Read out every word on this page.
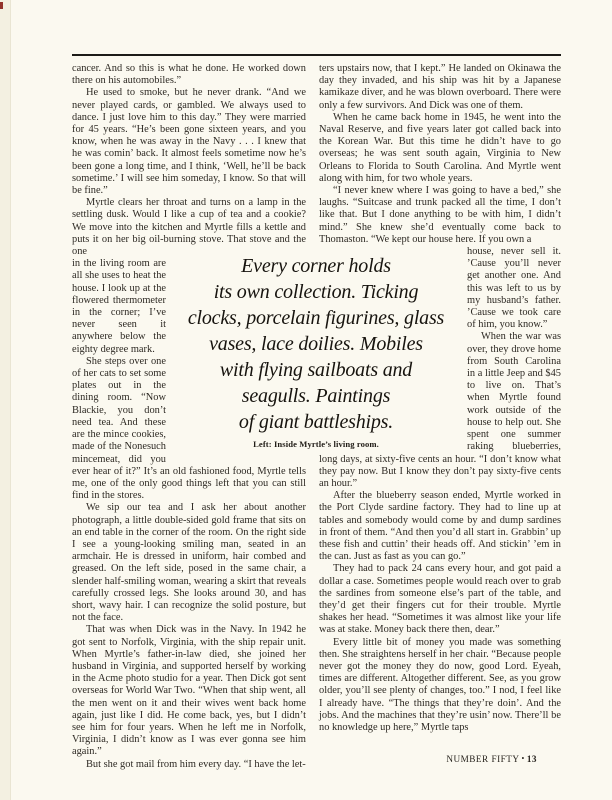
cancer. And so this is what he done. He worked down there on his automobiles.”

He used to smoke, but he never drank. “And we never played cards, or gambled. We always used to dance. I just love him to this day.” They were married for 45 years. “He’s been gone sixteen years, and you know, when he was away in the Navy . . . I knew that he was comin’ back. It almost feels sometime now he’s been gone a long time, and I think, ‘Well, he’ll be back sometime.’ I will see him someday, I know. So that will be fine.”

Myrtle clears her throat and turns on a lamp in the settling dusk. Would I like a cup of tea and a cookie? We move into the kitchen and Myrtle fills a kettle and puts it on her big oil-burning stove. That stove and the one

in the living room are all she uses to heat the house. I look up at the flowered thermometer in the corner; I’ve never seen it anywhere below the eighty degree mark.

She steps over one of her cats to set some plates out in the dining room. “Now Blackie, you don’t need tea. And these are the mince cookies, made of the Nonesuch mincemeat, did you ever hear of it?” It’s an old fashioned food, Myrtle tells me, one of the only good things left that you can still find in the stores.

We sip our tea and I ask her about another photograph, a little double-sided gold frame that sits on an end table in the corner of the room. On the right side I see a young-looking smiling man, seated in an armchair. He is dressed in uniform, hair combed and greased. On the left side, posed in the same chair, a slender half-smiling woman, wearing a skirt that reveals carefully crossed legs. She looks around 30, and has short, wavy hair. I can recognize the solid posture, but not the face.

That was when Dick was in the Navy. In 1942 he got sent to Norfolk, Virginia, with the ship repair unit. When Myrtle’s father-in-law died, she joined her husband in Virginia, and supported herself by working in the Acme photo studio for a year. Then Dick got sent overseas for World War Two. “When that ship went, all the men went on it and their wives went back home again, just like I did. He come back, yes, but I didn’t see him for four years. When he left me in Norfolk, Virginia, I didn’t know as I was ever gonna see him again.”

But she got mail from him every day. “I have the let-

ters upstairs now, that I kept.” He landed on Okinawa the day they invaded, and his ship was hit by a Japanese kamikaze diver, and he was blown overboard. There were only a few survivors. And Dick was one of them.

When he came back home in 1945, he went into the Naval Reserve, and five years later got called back into the Korean War. But this time he didn’t have to go overseas; he was sent south again, Virginia to New Orleans to Florida to South Carolina. And Myrtle went along with him, for two whole years.

“I never knew where I was going to have a bed,” she laughs. “Suitcase and trunk packed all the time, I don’t like that. But I done anything to be with him, I didn’t mind.” She knew she’d eventually come back to Thomaston. “We kept our house here. If you own a

house, never sell it. ’Cause you’ll never get another one. And this was left to us by my husband’s father. ’Cause we took care of him, you know.”

When the war was over, they drove home from South Carolina in a little Jeep and $45 to live on. That’s when Myrtle found work outside of the house to help out. She spent one summer raking blueberries, long days, at sixty-five cents an hour. “I don’t know what they pay now. But I know they don’t pay sixty-five cents an hour.”

After the blueberry season ended, Myrtle worked in the Port Clyde sardine factory. They had to line up at tables and somebody would come by and dump sardines in front of them. “And then you’d all start in. Grabbin’ up these fish and cuttin’ their heads off. And stickin’ ’em in the can. Just as fast as you can go.”

They had to pack 24 cans every hour, and got paid a dollar a case. Sometimes people would reach over to grab the sardines from someone else’s part of the table, and they’d get their fingers cut for their trouble. Myrtle shakes her head. “Sometimes it was almost like your life was at stake. Money back there then, dear.”

Every little bit of money you made was something then. She straightens herself in her chair. “Because people never got the money they do now, good Lord. Eyeah, times are different. Altogether different. See, as you grow older, you’ll see plenty of changes, too.” I nod, I feel like I already have. “The things that they’re doin’. And the jobs. And the machines that they’re usin’ now. There’ll be no knowledge up here,” Myrtle taps

Every corner holds
its own collection. Ticking
clocks, porcelain figurines, glass
vases, lace doilies. Mobiles
with flying sailboats and
seagulls. Paintings
of giant battleships.
Left: Inside Myrtle’s living room.
NUMBER FIFTY • 13
